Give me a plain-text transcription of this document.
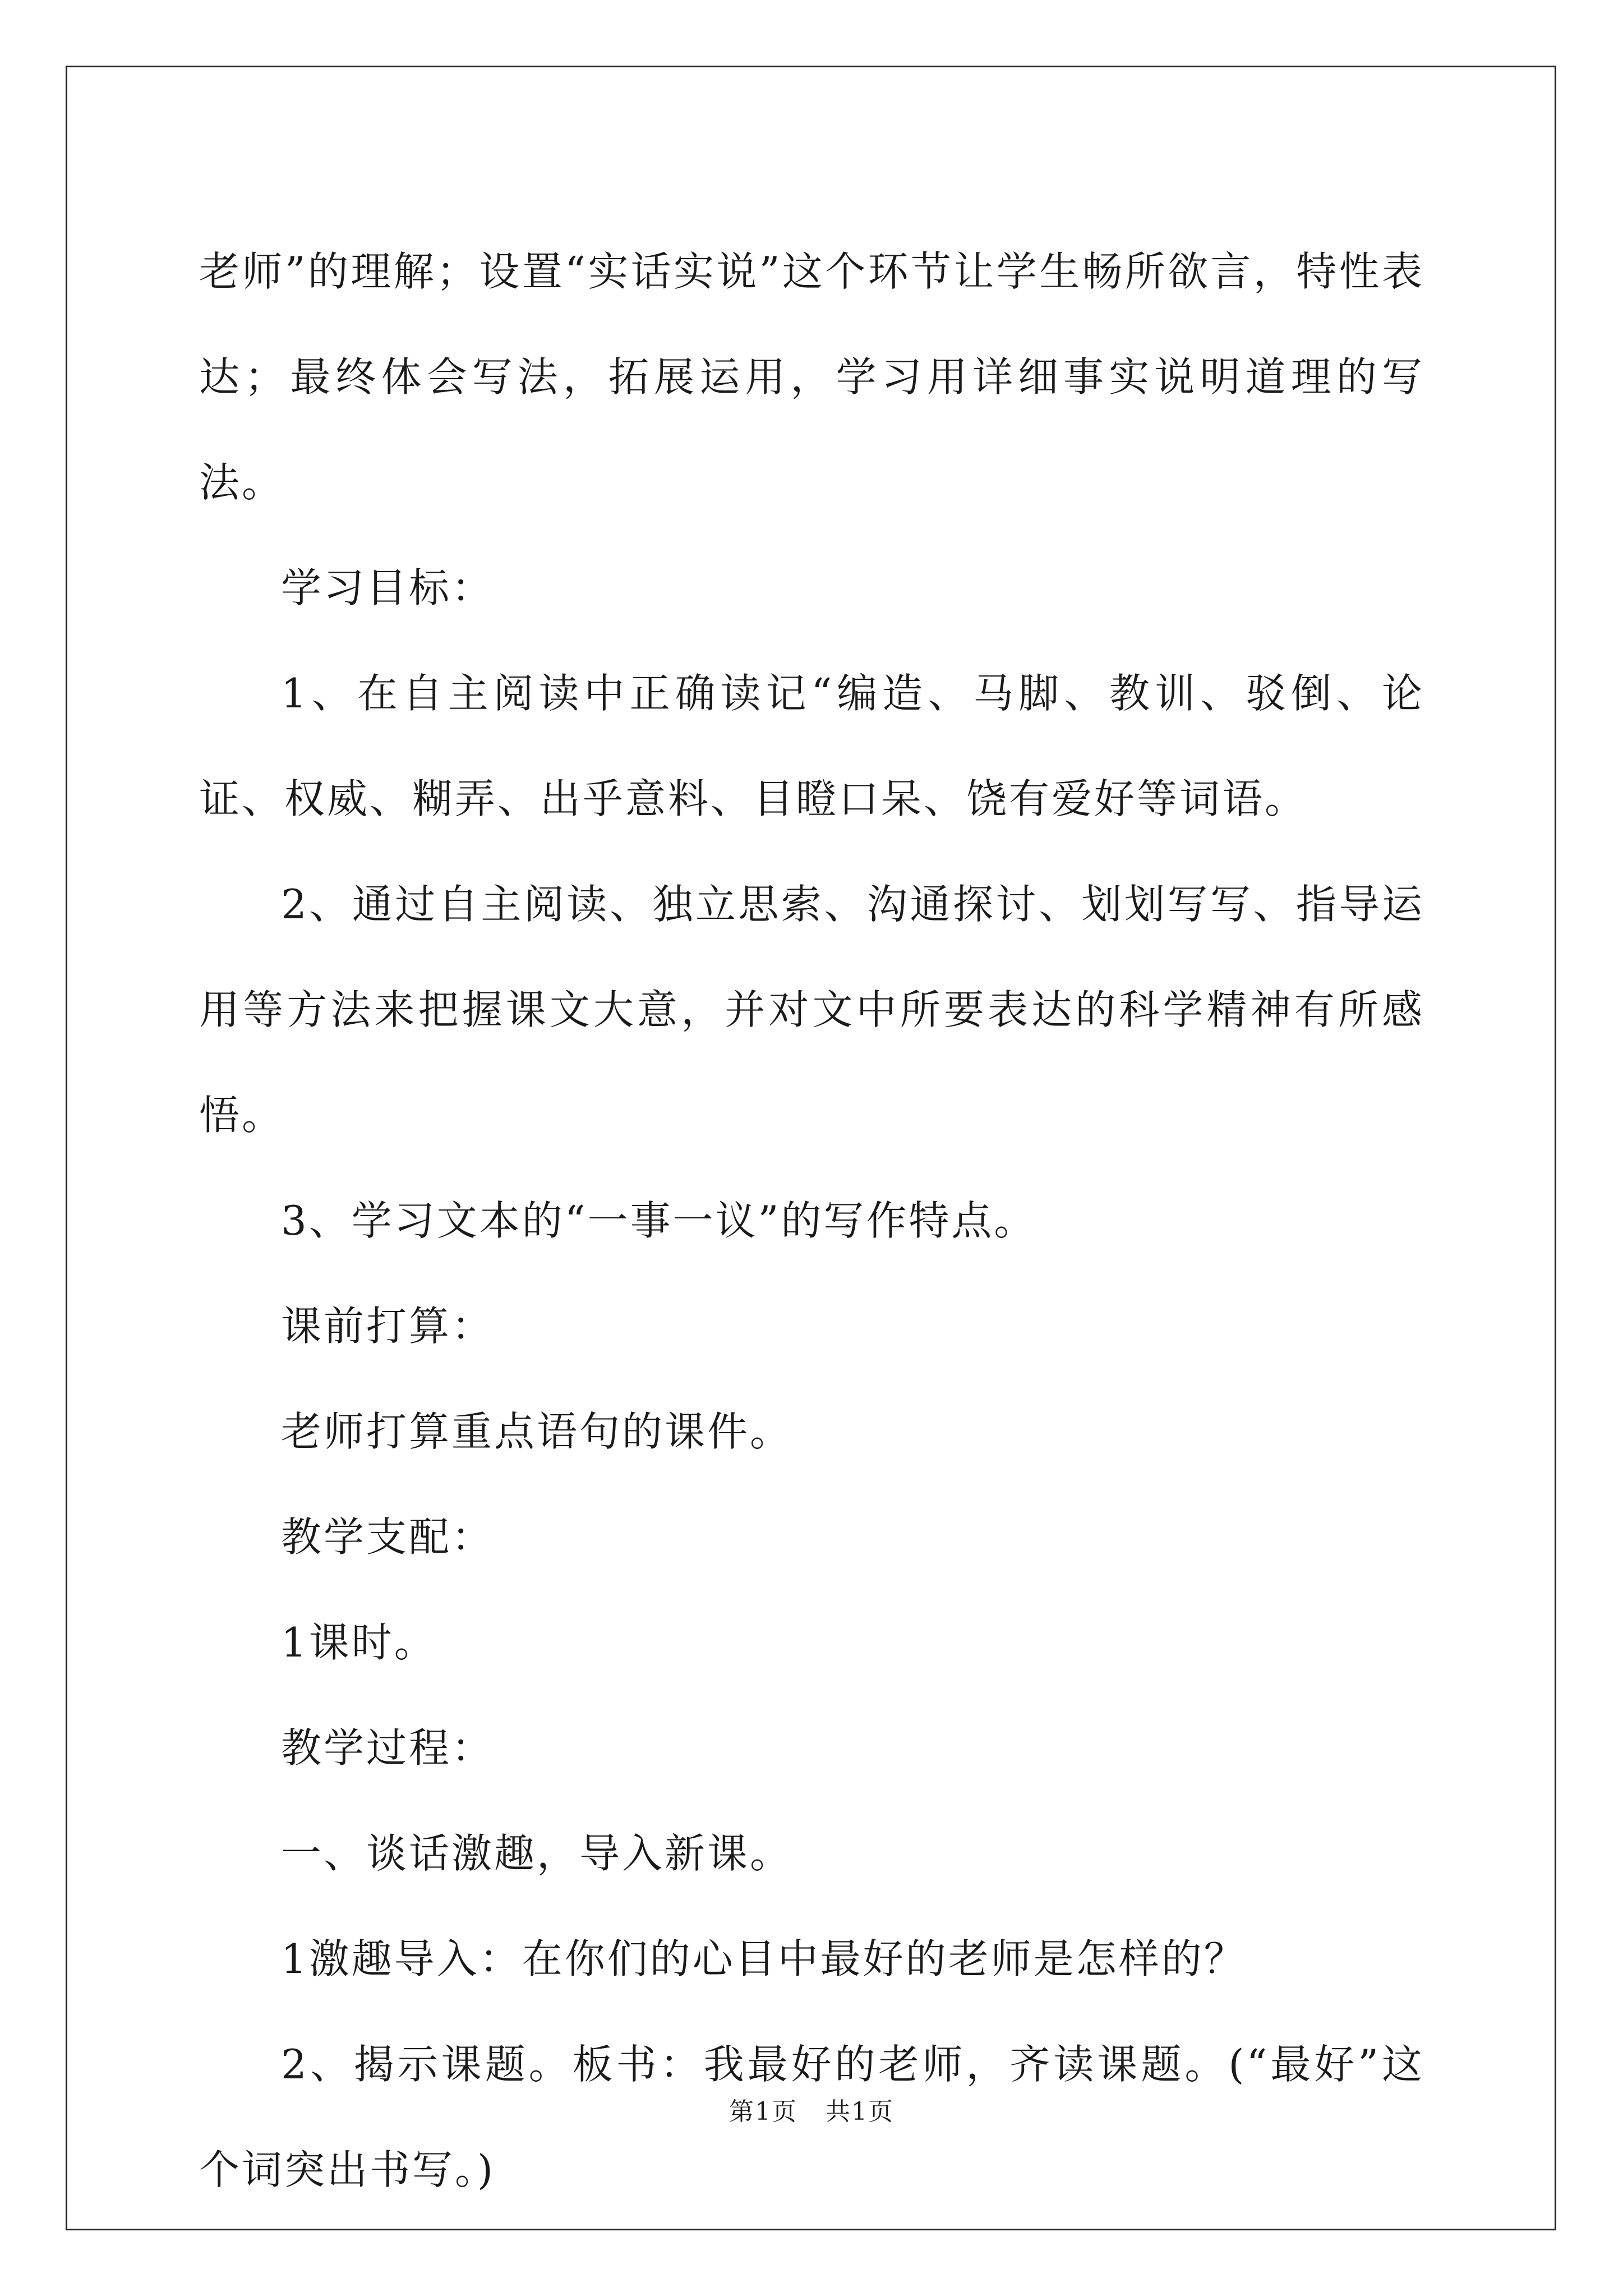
老师”的理解；设置“实话实说”这个环节让学生畅所欲言，特性表达；最终体会写法，拓展运用，学习用详细事实说明道理的写法。

学习目标：

1、在自主阅读中正确读记“编造、马脚、教训、驳倒、论证、权威、糊弄、出乎意料、目瞪口呆、饶有爱好等词语。

2、通过自主阅读、独立思索、沟通探讨、划划写写、指导运用等方法来把握课文大意，并对文中所要表达的科学精神有所感悟。

3、学习文本的“一事一议”的写作特点。

课前打算：

老师打算重点语句的课件。

教学支配：

1课时。

教学过程：

一、谈话激趣，导入新课。

1激趣导入：在你们的心目中最好的老师是怎样的？

2、揭示课题。板书：我最好的老师，齐读课题。(“最好”这个词突出书写。)

第1页 共1页
